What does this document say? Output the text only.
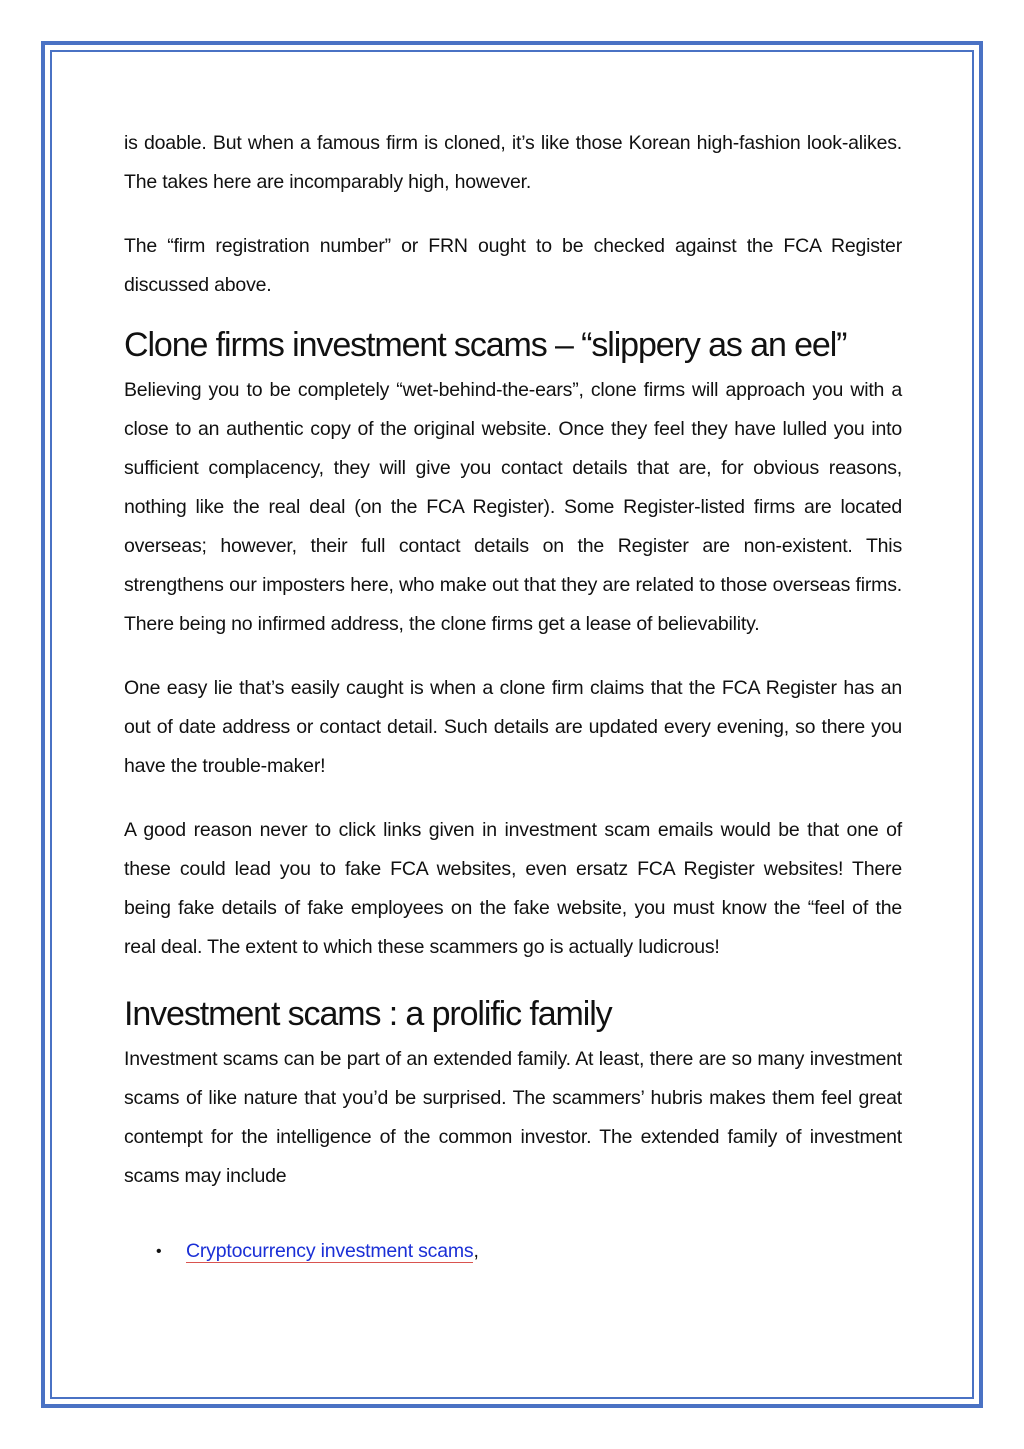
is doable. But when a famous firm is cloned, it’s like those Korean high-fashion look-alikes. The takes here are incomparably high, however.

The “firm registration number” or FRN ought to be checked against the FCA Register discussed above.

Clone firms investment scams – “slippery as an eel”

Believing you to be completely “wet-behind-the-ears”, clone firms will approach you with a close to an authentic copy of the original website. Once they feel they have lulled you into sufficient complacency, they will give you contact details that are, for obvious reasons, nothing like the real deal (on the FCA Register). Some Register-listed firms are located overseas; however, their full contact details on the Register are non-existent. This strengthens our imposters here, who make out that they are related to those overseas firms. There being no infirmed address, the clone firms get a lease of believability.

One easy lie that’s easily caught is when a clone firm claims that the FCA Register has an out of date address or contact detail. Such details are updated every evening, so there you have the trouble-maker!

A good reason never to click links given in investment scam emails would be that one of these could lead you to fake FCA websites, even ersatz FCA Register websites! There being fake details of fake employees on the fake website, you must know the “feel of the real deal. The extent to which these scammers go is actually ludicrous!

Investment scams : a prolific family

Investment scams can be part of an extended family. At least, there are so many investment scams of like nature that you’d be surprised. The scammers’ hubris makes them feel great contempt for the intelligence of the common investor. The extended family of investment scams may include

• Cryptocurrency investment scams,
